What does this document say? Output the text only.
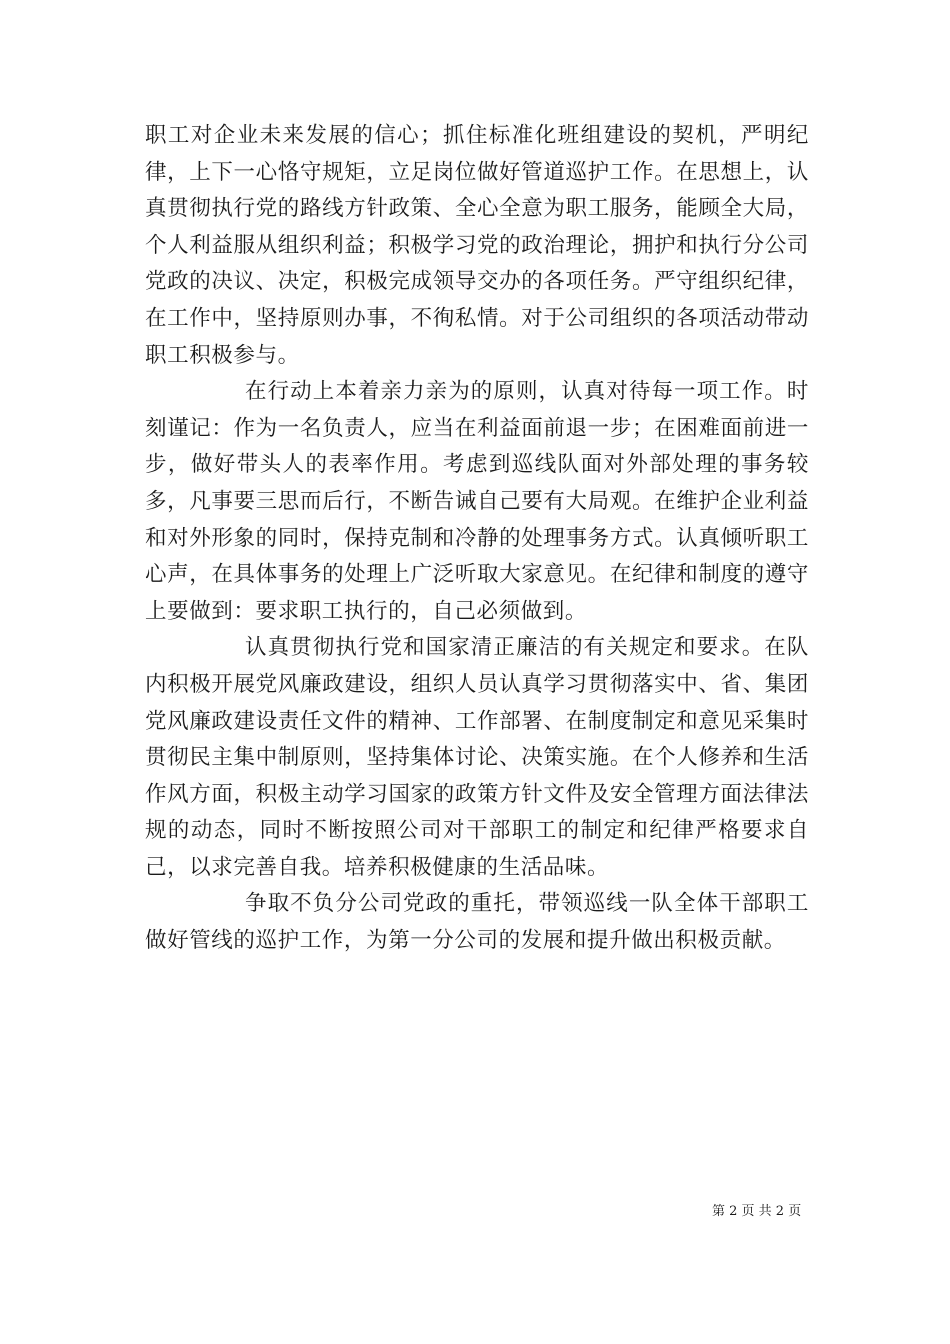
职工对企业未来发展的信心；抓住标准化班组建设的契机，严明纪律，上下一心恪守规矩，立足岗位做好管道巡护工作。在思想上，认真贯彻执行党的路线方针政策、全心全意为职工服务，能顾全大局，个人利益服从组织利益；积极学习党的政治理论，拥护和执行分公司党政的决议、决定，积极完成领导交办的各项任务。严守组织纪律，在工作中，坚持原则办事，不徇私情。对于公司组织的各项活动带动职工积极参与。

在行动上本着亲力亲为的原则，认真对待每一项工作。时刻谨记：作为一名负责人，应当在利益面前退一步；在困难面前进一步，做好带头人的表率作用。考虑到巡线队面对外部处理的事务较多，凡事要三思而后行，不断告诫自己要有大局观。在维护企业利益和对外形象的同时，保持克制和冷静的处理事务方式。认真倾听职工心声，在具体事务的处理上广泛听取大家意见。在纪律和制度的遵守上要做到：要求职工执行的，自己必须做到。

认真贯彻执行党和国家清正廉洁的有关规定和要求。在队内积极开展党风廉政建设，组织人员认真学习贯彻落实中、省、集团党风廉政建设责任文件的精神、工作部署、在制度制定和意见采集时贯彻民主集中制原则，坚持集体讨论、决策实施。在个人修养和生活作风方面，积极主动学习国家的政策方针文件及安全管理方面法律法规的动态，同时不断按照公司对干部职工的制定和纪律严格要求自己，以求完善自我。培养积极健康的生活品味。

争取不负分公司党政的重托，带领巡线一队全体干部职工做好管线的巡护工作，为第一分公司的发展和提升做出积极贡献。

第 2 页 共 2 页
